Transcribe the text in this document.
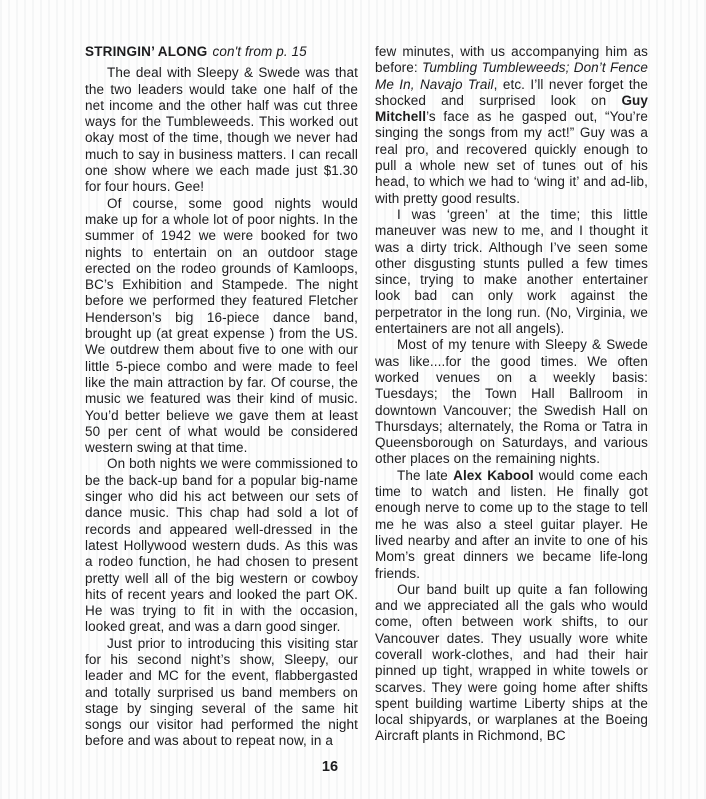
STRINGIN’ ALONG con't from p. 15

The deal with Sleepy & Swede was that the two leaders would take one half of the net income and the other half was cut three ways for the Tumbleweeds. This worked out okay most of the time, though we never had much to say in business matters. I can recall one show where we each made just $1.30 for four hours. Gee!

Of course, some good nights would make up for a whole lot of poor nights. In the summer of 1942 we were booked for two nights to entertain on an outdoor stage erected on the rodeo grounds of Kamloops, BC’s Exhibition and Stampede. The night before we performed they featured Fletcher Henderson’s big 16-piece dance band, brought up (at great expense ) from the US. We outdrew them about five to one with our little 5-piece combo and were made to feel like the main attraction by far. Of course, the music we featured was their kind of music. You’d better believe we gave them at least 50 per cent of what would be considered western swing at that time.

On both nights we were commissioned to be the back-up band for a popular big-name singer who did his act between our sets of dance music. This chap had sold a lot of records and appeared well-dressed in the latest Hollywood western duds. As this was a rodeo function, he had chosen to present pretty well all of the big western or cowboy hits of recent years and looked the part OK. He was trying to fit in with the occasion, looked great, and was a darn good singer.

Just prior to introducing this visiting star for his second night’s show, Sleepy, our leader and MC for the event, flabbergasted and totally surprised us band members on stage by singing several of the same hit songs our visitor had performed the night before and was about to repeat now, in a

few minutes, with us accompanying him as before: Tumbling Tumbleweeds; Don’t Fence Me In, Navajo Trail, etc. I’ll never forget the shocked and surprised look on Guy Mitchell’s face as he gasped out, “You’re singing the songs from my act!” Guy was a real pro, and recovered quickly enough to pull a whole new set of tunes out of his head, to which we had to ‘wing it’ and ad-lib, with pretty good results.

I was ‘green’ at the time; this little maneuver was new to me, and I thought it was a dirty trick. Although I’ve seen some other disgusting stunts pulled a few times since, trying to make another entertainer look bad can only work against the perpetrator in the long run. (No, Virginia, we entertainers are not all angels).

Most of my tenure with Sleepy & Swede was like....for the good times. We often worked venues on a weekly basis: Tuesdays; the Town Hall Ballroom in downtown Vancouver; the Swedish Hall on Thursdays; alternately, the Roma or Tatra in Queensborough on Saturdays, and various other places on the remaining nights.

The late Alex Kabool would come each time to watch and listen. He finally got enough nerve to come up to the stage to tell me he was also a steel guitar player. He lived nearby and after an invite to one of his Mom’s great dinners we became life-long friends.

Our band built up quite a fan following and we appreciated all the gals who would come, often between work shifts, to our Vancouver dates. They usually wore white coverall work-clothes, and had their hair pinned up tight, wrapped in white towels or scarves. They were going home after shifts spent building wartime Liberty ships at the local shipyards, or warplanes at the Boeing Aircraft plants in Richmond, BC

16
